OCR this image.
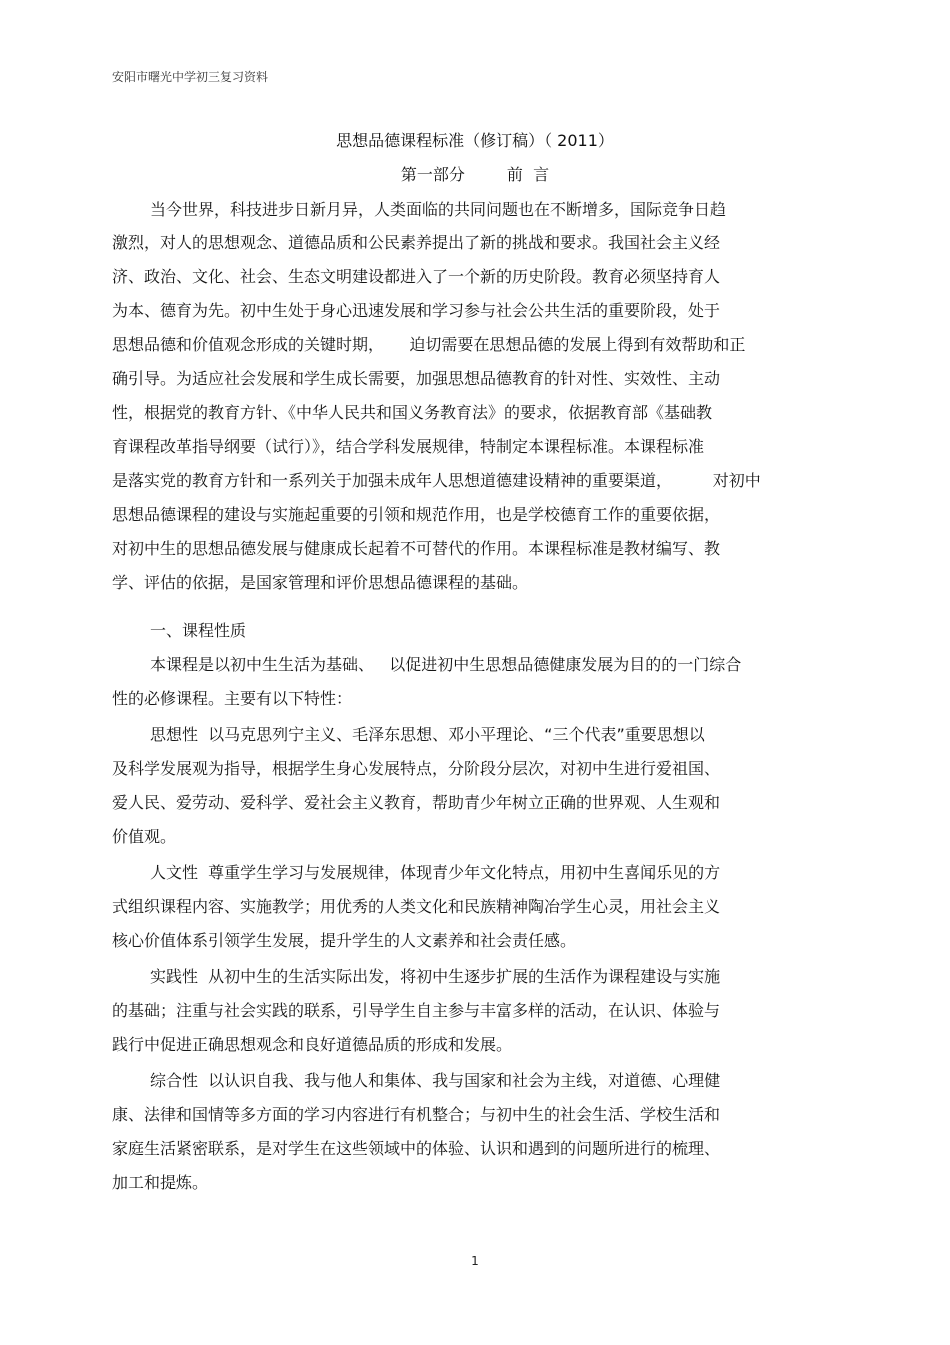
安阳市曙光中学初三复习资料
思想品德课程标准（修订稿）（ 2011）
第一部分	前  言
当今世界，科技进步日新月异，人类面临的共同问题也在不断增多，国际竞争日趋
激烈，对人的思想观念、道德品质和公民素养提出了新的挑战和要求。我国社会主义经
济、政治、文化、社会、生态文明建设都进入了一个新的历史阶段。教育必须坚持育人
为本、德育为先。初中生处于身心迅速发展和学习参与社会公共生活的重要阶段，处于
思想品德和价值观念形成的关键时期，     迫切需要在思想品德的发展上得到有效帮助和正
确引导。为适应社会发展和学生成长需要，加强思想品德教育的针对性、实效性、主动
性，根据党的教育方针、《中华人民共和国义务教育法》的要求，依据教育部《基础教
育课程改革指导纲要（试行）》，结合学科发展规律，特制定本课程标准。本课程标准
是落实党的教育方针和一系列关于加强未成年人思想道德建设精神的重要渠道，        对初中
思想品德课程的建设与实施起重要的引领和规范作用，也是学校德育工作的重要依据，
对初中生的思想品德发展与健康成长起着不可替代的作用。本课程标准是教材编写、教
学、评估的依据，是国家管理和评价思想品德课程的基础。
一、课程性质
本课程是以初中生生活为基础、   以促进初中生思想品德健康发展为目的的一门综合
性的必修课程。主要有以下特性：
思想性  以马克思列宁主义、毛泽东思想、邓小平理论、“三个代表”重要思想以
及科学发展观为指导，根据学生身心发展特点，分阶段分层次，对初中生进行爱祖国、
爱人民、爱劳动、爱科学、爱社会主义教育，帮助青少年树立正确的世界观、人生观和
价值观。
人文性  尊重学生学习与发展规律，体现青少年文化特点，用初中生喜闻乐见的方
式组织课程内容、实施教学；用优秀的人类文化和民族精神陶冶学生心灵，用社会主义
核心价值体系引领学生发展，提升学生的人文素养和社会责任感。
实践性  从初中生的生活实际出发，将初中生逐步扩展的生活作为课程建设与实施
的基础；注重与社会实践的联系，引导学生自主参与丰富多样的活动，在认识、体验与
践行中促进正确思想观念和良好道德品质的形成和发展。
综合性  以认识自我、我与他人和集体、我与国家和社会为主线，对道德、心理健
康、法律和国情等多方面的学习内容进行有机整合；与初中生的社会生活、学校生活和
家庭生活紧密联系，是对学生在这些领域中的体验、认识和遇到的问题所进行的梳理、
加工和提炼。
1
